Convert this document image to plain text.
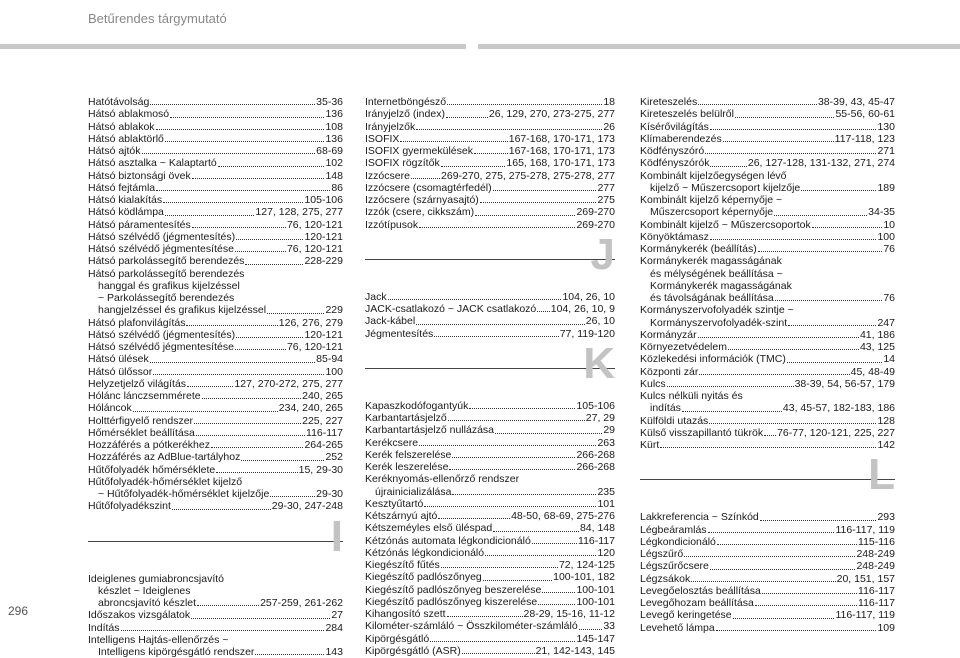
Betűrendes tárgymutató
Hatótávolság	35-36
Hátsó ablakmosó	136
Hátsó ablakok	108
Hátsó ablaktörlő	136
Hátsó ajtók	68-69
Hátsó asztalka ~ Kalaptartó	102
Hátsó biztonsági övek	148
Hátsó fejtámla	86
Hátsó kialakítás	105-106
Hátsó ködlámpa	127, 128, 275, 277
Hátsó páramentesítés	76, 120-121
Hátsó szélvédő (jégmentesítés)	120-121
Hátsó szélvédő jégmentesítése	76, 120-121
Hátsó parkolássegítő berendezés	228-229
Hátsó parkolássegítő berendezés
hanggal és grafikus kijelzéssel
~ Parkolássegítő berendezés
hangjelzéssel és grafikus kijelzéssel	229
Hátsó plafonvilágítás	126, 276, 279
Hátsó szélvédő (jégmentesítés)	120-121
Hátsó szélvédő jégmentesítése	76, 120-121
Hátsó ülések	85-94
Hátsó ülőssor	100
Helyzetjelző világítás	127, 270-272, 275, 277
Hólánc lánczsemmérete	240, 265
Hóláncok	234, 240, 265
Holttérfigyelő rendszer	225, 227
Hőmérséklet beállítása	116-117
Hozzáférés a pótkerékhez	264-265
Hozzáférés az AdBlue-tartályhoz	252
Hűtőfolyadék hőmérséklete	15, 29-30
Hűtőfolyadék-hőmérséklet kijelző
~ Hűtőfolyadék-hőmérséklet kijelzője	29-30
Hűtőfolyadékszint	29-30, 247-248
I
Ideiglenes gumiabroncsjavító
készlet ~ Ideiglenes
abroncsjavító készlet	257-259, 261-262
Időszakos vizsgálatok	27
Indítás	284
Intelligens Hajtás-ellenőrzés ~
Intelligens kipörgésgátló rendszer	143
Internetböngésző	18
Irányjelző (index)	26, 129, 270, 273-275, 277
Irányjelzők	26
ISOFIX	167-168, 170-171, 173
ISOFIX gyermekülések	167-168, 170-171, 173
ISOFIX rögzítők	165, 168, 170-171, 173
Izzócsere	269-270, 275, 275-278, 275-278, 277
Izzócsere (csomagtérfedél)	277
Izzócsere (szárnyasajtó)	275
Izzók (csere, cikkszám)	269-270
Izzótípusok	269-270
J
Jack	104, 26, 10
JACK-csatlakozó ~ JACK csatlakozó 104, 26, 10, 9
Jack-kábel	26, 10
Jégmentesítés	77, 119-120
K
Kapaszkodófogantyúk	105-106
Karbantartásjelző	27, 29
Karbantartásjelző nullázása	29
Kerékcsere	263
Kerék felszerelése	266-268
Kerék leszerelése	266-268
Keréknyomás-ellenőrző rendszer
újrainicializálása	235
Kesztyűtartó	101
Kétszárnyú ajtó	48-50, 68-69, 275-276
Kétszeméyles első üléspad	84, 148
Kétzónás automata légkondicionáló	116-117
Kétzónás légkondicionáló	120
Kiegészítő fűtés	72, 124-125
Kiegészítő padlószőnyeg	100-101, 182
Kiegészítő padlószőnyeg beszerelése	100-101
Kiegészítő padlószőnyeg kiszerelése	100-101
Kihangosító szett	28-29, 15-16, 11-12
Kilométer-számláló ~ Összkilométer-számláló 33
Kipörgésgátló	145-147
Kipörgésgátló (ASR)	21, 142-143, 145
Kireteszelés	38-39, 43, 45-47
Kireteszelés belülről	55-56, 60-61
Kísérővilágítás	130
Klímaberendezés	117-118, 123
Ködfényszóró	271
Ködfényszórók	26, 127-128, 131-132, 271, 274
Kombinált kijelzőegységen lévő
kijelző ~ Műszercsoport kijelzője	189
Kombinált kijelző képernyője ~
Műszercsoport képernyője	34-35
Kombinált kijelző ~ Műszercsoportok	10
Könyöktámasz	100
Kormánykerék (beállítás)	76
Kormánykerék magasságának
és mélységének beállítása ~
Kormánykerék magasságának
és távolságának beállítása	76
Kormányszervofolyadék szintje ~
Kormányszervofolyadék-szint	247
Kormányzár	41, 186
Környezetvédelem	43, 125
Közlekedési információk (TMC)	14
Központi zár	45, 48-49
Kulcs	38-39, 54, 56-57, 179
Kulcs nélküli nyitás és
indítás	43, 45-57, 182-183, 186
Külföldi utazás	128
Külső visszapillantó tükrök 76-77, 120-121, 225, 227
Kürt	142
L
Lakkreferencia ~ Színkód	293
Légbeáramlás	116-117, 119
Légkondicionáló	115-116
Légszűrő	248-249
Légszűrőcsere	248-249
Légzsákok	20, 151, 157
Levegőelosztás beállítása	116-117
Levegőhozam beállítása	116-117
Levegő keringetése	116-117, 119
Levehető lámpa	109
296
